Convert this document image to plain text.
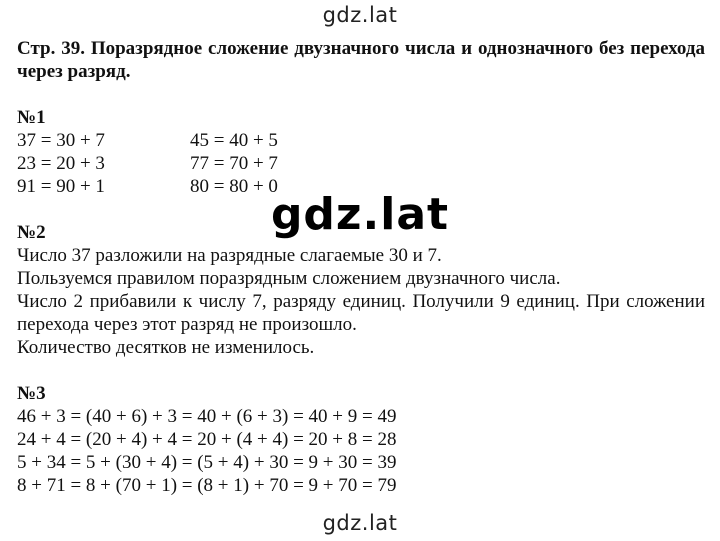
gdz.lat

Стр. 39. Поразрядное сложение двузначного числа и однозначного без перехода через разряд.

№1
37 = 30 + 7	45 = 40 + 5
23 = 20 + 3	77 = 70 + 7
91 = 90 + 1	80 = 80 + 0
№2
Число 37 разложили на разрядные слагаемые 30 и 7.
Пользуемся правилом поразрядным сложением двузначного числа.
Число 2 прибавили к числу 7, разряду единиц. Получили 9 единиц. При сложении перехода через этот разряд не произошло.
Количество десятков не изменилось.
№3
46 + 3 = (40 + 6) + 3 = 40 + (6 + 3) = 40 + 9 = 49
24 + 4 = (20 + 4) + 4 = 20 + (4 + 4) = 20 + 8 = 28
5 + 34 = 5 + (30 + 4) = (5 + 4) + 30 = 9 + 30 = 39
8 + 71 = 8 + (70 + 1) = (8 + 1) + 70 = 9 + 70 = 79
gdz.lat
gdz.lat
